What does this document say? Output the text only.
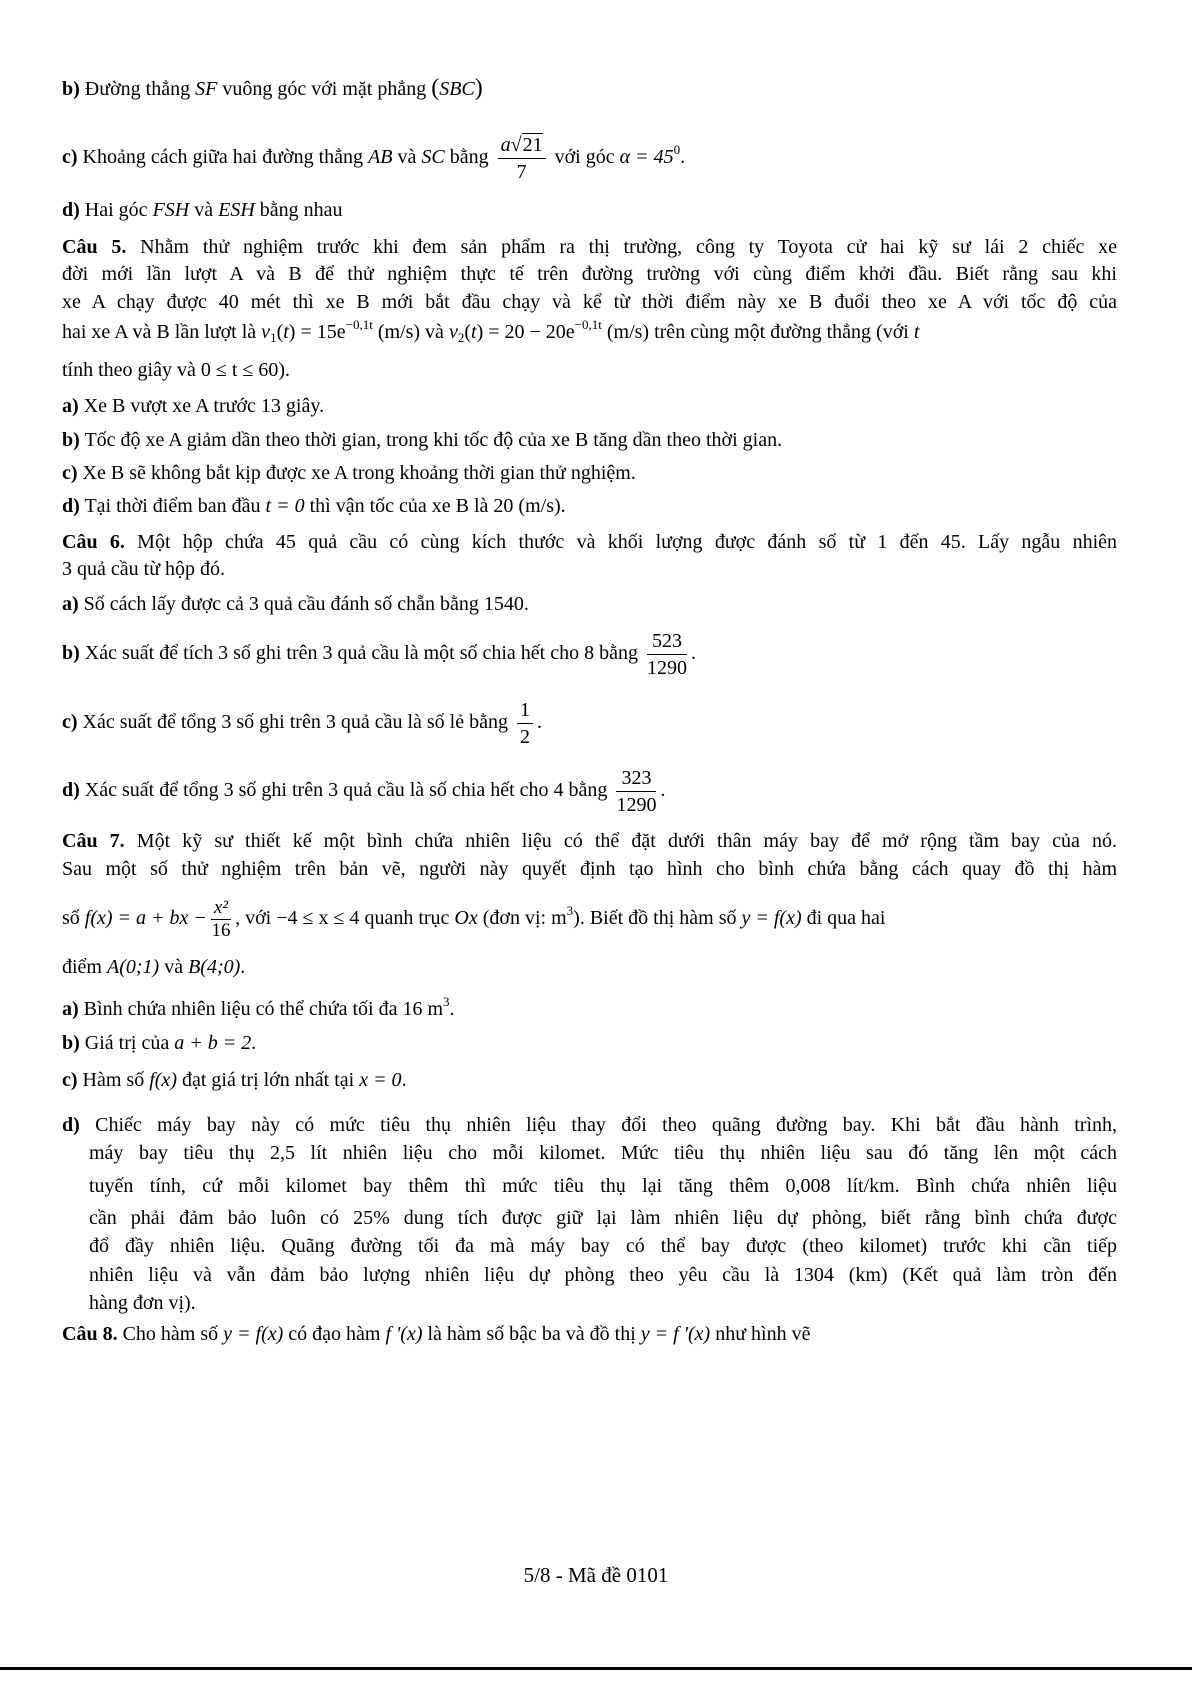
b) Đường thẳng SF vuông góc với mặt phẳng (SBC)
c) Khoảng cách giữa hai đường thẳng AB và SC bằng $\frac{a√21}{7}$ với góc $\alpha = 45^0$.
d) Hai góc FSH và ESH bằng nhau
Câu 5. Nhằm thử nghiệm trước khi đem sản phẩm ra thị trường, công ty Toyota cử hai kỹ sư lái 2 chiếc xe
đời mới lần lượt A và B để thử nghiệm thực tế trên đường trường với cùng điểm khởi đầu. Biết rằng sau khi
xe A chạy được 40 mét thì xe B mới bắt đầu chạy và kể từ thời điểm này xe B đuổi theo xe A với tốc độ của
hai xe A và B lần lượt là $v_1(t) = 15e^{-0,1t}$ (m/s) và $v_2(t) = 20 - 20e^{-0,1t}$ (m/s) trên cùng một đường thẳng (với t
tính theo giây và 0 ≤ t ≤ 60).
a) Xe B vượt xe A trước 13 giây.
b) Tốc độ xe A giảm dần theo thời gian, trong khi tốc độ của xe B tăng dần theo thời gian.
c) Xe B sẽ không bắt kịp được xe A trong khoảng thời gian thử nghiệm.
d) Tại thời điểm ban đầu t = 0 thì vận tốc của xe B là 20 (m/s).
Câu 6. Một hộp chứa 45 quả cầu có cùng kích thước và khối lượng được đánh số từ 1 đến 45. Lấy ngẫu nhiên
3 quả cầu từ hộp đó.
a) Số cách lấy được cả 3 quả cầu đánh số chẵn bằng 1540.
b) Xác suất để tích 3 số ghi trên 3 quả cầu là một số chia hết cho 8 bằng $\frac{523}{1290}$ .
c) Xác suất để tổng 3 số ghi trên 3 quả cầu là số lẻ bằng $\frac{1}{2}$ .
d) Xác suất để tổng 3 số ghi trên 3 quả cầu là số chia hết cho 4 bằng $\frac{323}{1290}$ .
Câu 7. Một kỹ sư thiết kế một bình chứa nhiên liệu có thể đặt dưới thân máy bay để mở rộng tầm bay của nó.
Sau một số thử nghiệm trên bản vẽ, người này quyết định tạo hình cho bình chứa bằng cách quay đồ thị hàm
số f(x) = a + bx − $\frac{\text{x²}}{16}$ , với −4 ≤ x ≤ 4 quanh trục Ox (đơn vị: $m^3$). Biết đồ thị hàm số y = f(x) đi qua hai
điểm A(0;1) và B(4;0).
a) Bình chứa nhiên liệu có thể chứa tối đa 16 $m^3$.
b) Giá trị của a + b = 2.
c) Hàm số f(x) đạt giá trị lớn nhất tại x = 0.
d) Chiếc máy bay này có mức tiêu thụ nhiên liệu thay đổi theo quãng đường bay. Khi bắt đầu hành trình,
máy bay tiêu thụ 2,5 lít nhiên liệu cho mỗi kilomet. Mức tiêu thụ nhiên liệu sau đó tăng lên một cách
tuyến tính, cứ mỗi kilomet bay thêm thì mức tiêu thụ lại tăng thêm 0,008 lít/km. Bình chứa nhiên liệu
cần phải đảm bảo luôn có 25% dung tích được giữ lại làm nhiên liệu dự phòng, biết rằng bình chứa được
đổ đầy nhiên liệu. Quãng đường tối đa mà máy bay có thể bay được (theo kilomet) trước khi cần tiếp
nhiên liệu và vẫn đảm bảo lượng nhiên liệu dự phòng theo yêu cầu là 1304 (km) (Kết quả làm tròn đến
hàng đơn vị).
Câu 8. Cho hàm số y = f(x) có đạo hàm f '(x) là hàm số bậc ba và đồ thị y = f '(x) như hình vẽ
5/8 - Mã đề 0101
